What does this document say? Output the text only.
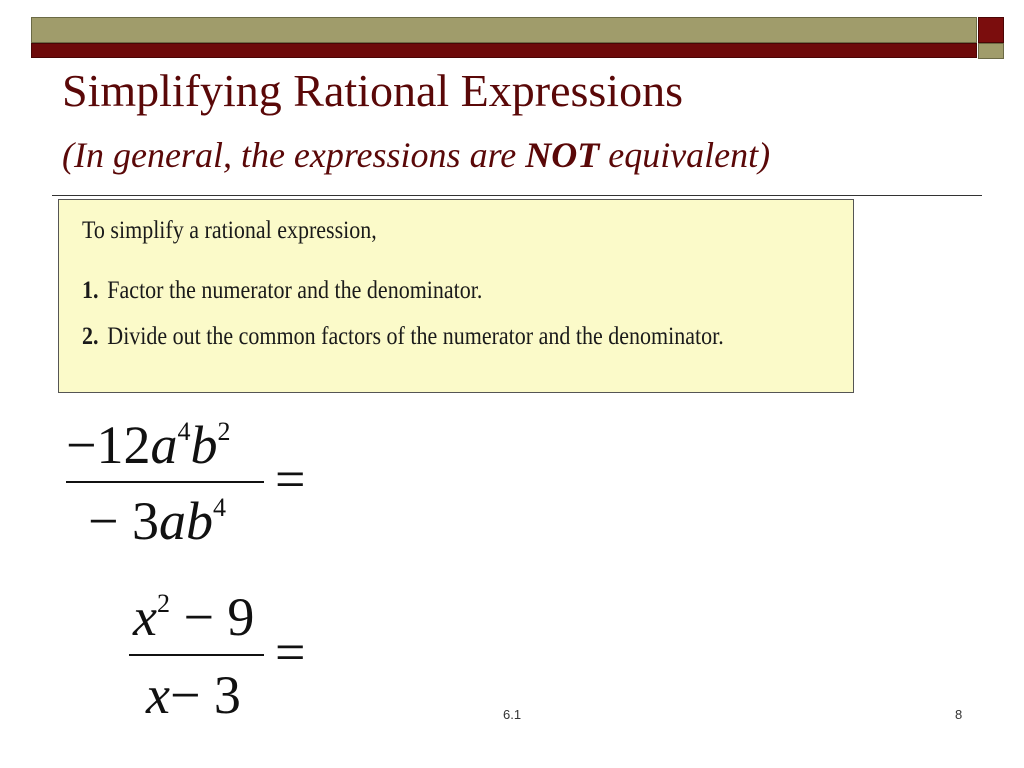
Simplifying Rational Expressions
(In general, the expressions are NOT equivalent)
To simplify a rational expression,
1. Factor the numerator and the denominator.
2. Divide out the common factors of the numerator and the denominator.
$-12a^4b^2$
− $3ab^4$ =
$x^2 - 9$
x− 3
=
6.1	8
